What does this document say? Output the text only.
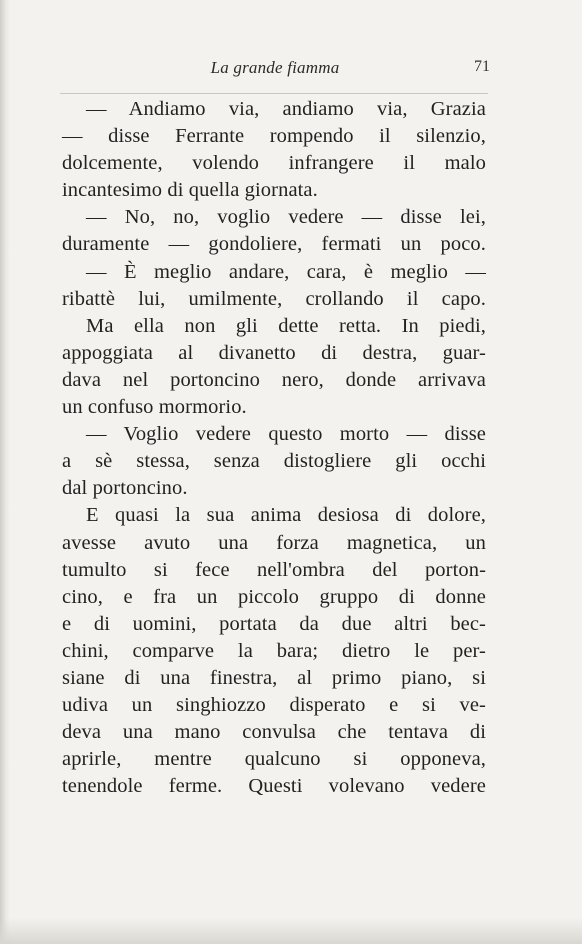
La grande fiamma	71
— Andiamo via, andiamo via, Grazia
— disse Ferrante rompendo il silenzio,
dolcemente, volendo infrangere il malo
incantesimo di quella giornata.
— No, no, voglio vedere — disse lei,
duramente — gondoliere, fermati un poco.
— È meglio andare, cara, è meglio —
ribattè lui, umilmente, crollando il capo.
Ma ella non gli dette retta. In piedi,
appoggiata al divanetto di destra, guar-
dava nel portoncino nero, donde arrivava
un confuso mormorio.
— Voglio vedere questo morto — disse
a sè stessa, senza distogliere gli occhi
dal portoncino.
E quasi la sua anima desiosa di dolore,
avesse avuto una forza magnetica, un
tumulto si fece nell'ombra del porton-
cino, e fra un piccolo gruppo di donne
e di uomini, portata da due altri bec-
chini, comparve la bara; dietro le per-
siane di una finestra, al primo piano, si
udiva un singhiozzo disperato e si ve-
deva una mano convulsa che tentava di
aprirle, mentre qualcuno si opponeva,
tenendole ferme. Questi volevano vedere
